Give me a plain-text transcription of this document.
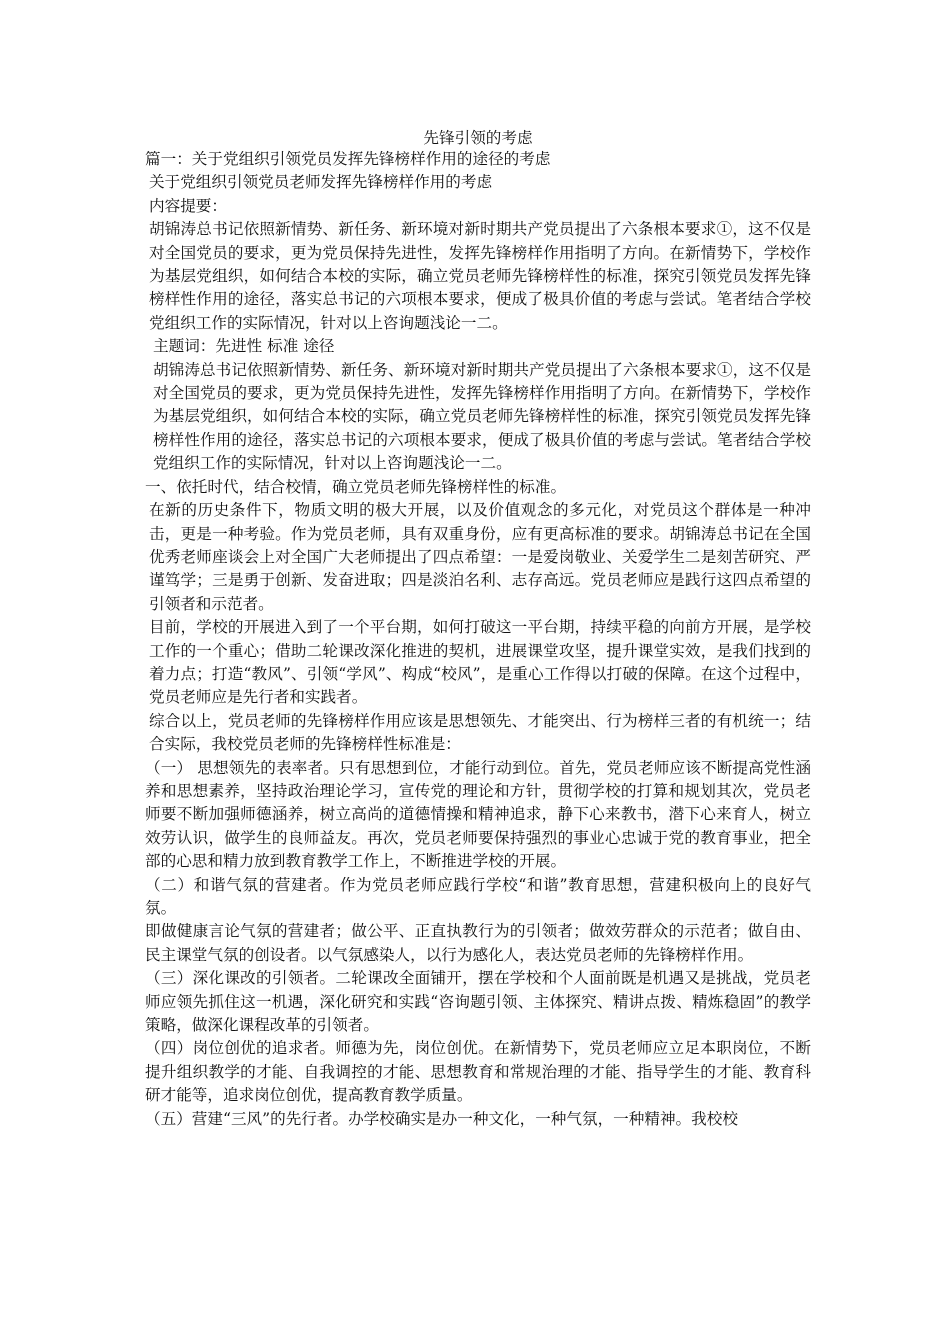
先锋引领的考虑

篇一：关于党组织引领党员发挥先锋榜样作用的途径的考虑

关于党组织引领党员老师发挥先锋榜样作用的考虑

内容提要：

胡锦涛总书记依照新情势、新任务、新环境对新时期共产党员提出了六条根本要求①，这不仅是对全国党员的要求，更为党员保持先进性，发挥先锋榜样作用指明了方向。在新情势下，学校作为基层党组织，如何结合本校的实际，确立党员老师先锋榜样性的标准，探究引领党员发挥先锋榜样性作用的途径，落实总书记的六项根本要求，便成了极具价值的考虑与尝试。笔者结合学校党组织工作的实际情况，针对以上咨询题浅论一二。

主题词：先进性 标准 途径

胡锦涛总书记依照新情势、新任务、新环境对新时期共产党员提出了六条根本要求①，这不仅是对全国党员的要求，更为党员保持先进性，发挥先锋榜样作用指明了方向。在新情势下，学校作为基层党组织，如何结合本校的实际，确立党员老师先锋榜样性的标准，探究引领党员发挥先锋榜样性作用的途径，落实总书记的六项根本要求，便成了极具价值的考虑与尝试。笔者结合学校党组织工作的实际情况，针对以上咨询题浅论一二。

一、依托时代，结合校情，确立党员老师先锋榜样性的标准。

在新的历史条件下，物质文明的极大开展，以及价值观念的多元化，对党员这个群体是一种冲击，更是一种考验。作为党员老师，具有双重身份，应有更高标准的要求。胡锦涛总书记在全国优秀老师座谈会上对全国广大老师提出了四点希望：一是爱岗敬业、关爱学生二是刻苦研究、严谨笃学；三是勇于创新、发奋进取；四是淡泊名利、志存高远。党员老师应是践行这四点希望的引领者和示范者。

目前，学校的开展进入到了一个平台期，如何打破这一平台期，持续平稳的向前方开展，是学校工作的一个重心；借助二轮课改深化推进的契机，进展课堂攻坚，提升课堂实效，是我们找到的着力点；打造“教风”、引领“学风”、构成“校风”，是重心工作得以打破的保障。在这个过程中，党员老师应是先行者和实践者。

综合以上，党员老师的先锋榜样作用应该是思想领先、才能突出、行为榜样三者的有机统一；结合实际，我校党员老师的先锋榜样性标准是：

（一） 思想领先的表率者。只有思想到位，才能行动到位。首先，党员老师应该不断提高党性涵养和思想素养，坚持政治理论学习，宣传党的理论和方针，贯彻学校的打算和规划其次，党员老师要不断加强师德涵养，树立高尚的道德情操和精神追求，静下心来教书，潜下心来育人，树立效劳认识，做学生的良师益友。再次，党员老师要保持强烈的事业心忠诚于党的教育事业，把全部的心思和精力放到教育教学工作上，不断推进学校的开展。

（二）和谐气氛的营建者。作为党员老师应践行学校“和谐”教育思想，营建积极向上的良好气氛。

即做健康言论气氛的营建者；做公平、正直执教行为的引领者；做效劳群众的示范者；做自由、民主课堂气氛的创设者。以气氛感染人，以行为感化人，表达党员老师的先锋榜样作用。

（三）深化课改的引领者。二轮课改全面铺开，摆在学校和个人面前既是机遇又是挑战，党员老师应领先抓住这一机遇，深化研究和实践“咨询题引领、主体探究、精讲点拨、精炼稳固”的教学策略，做深化课程改革的引领者。

（四）岗位创优的追求者。师德为先，岗位创优。在新情势下，党员老师应立足本职岗位，不断提升组织教学的才能、自我调控的才能、思想教育和常规治理的才能、指导学生的才能、教育科研才能等，追求岗位创优，提高教育教学质量。

（五）营建“三风”的先行者。办学校确实是办一种文化，一种气氛，一种精神。我校校
